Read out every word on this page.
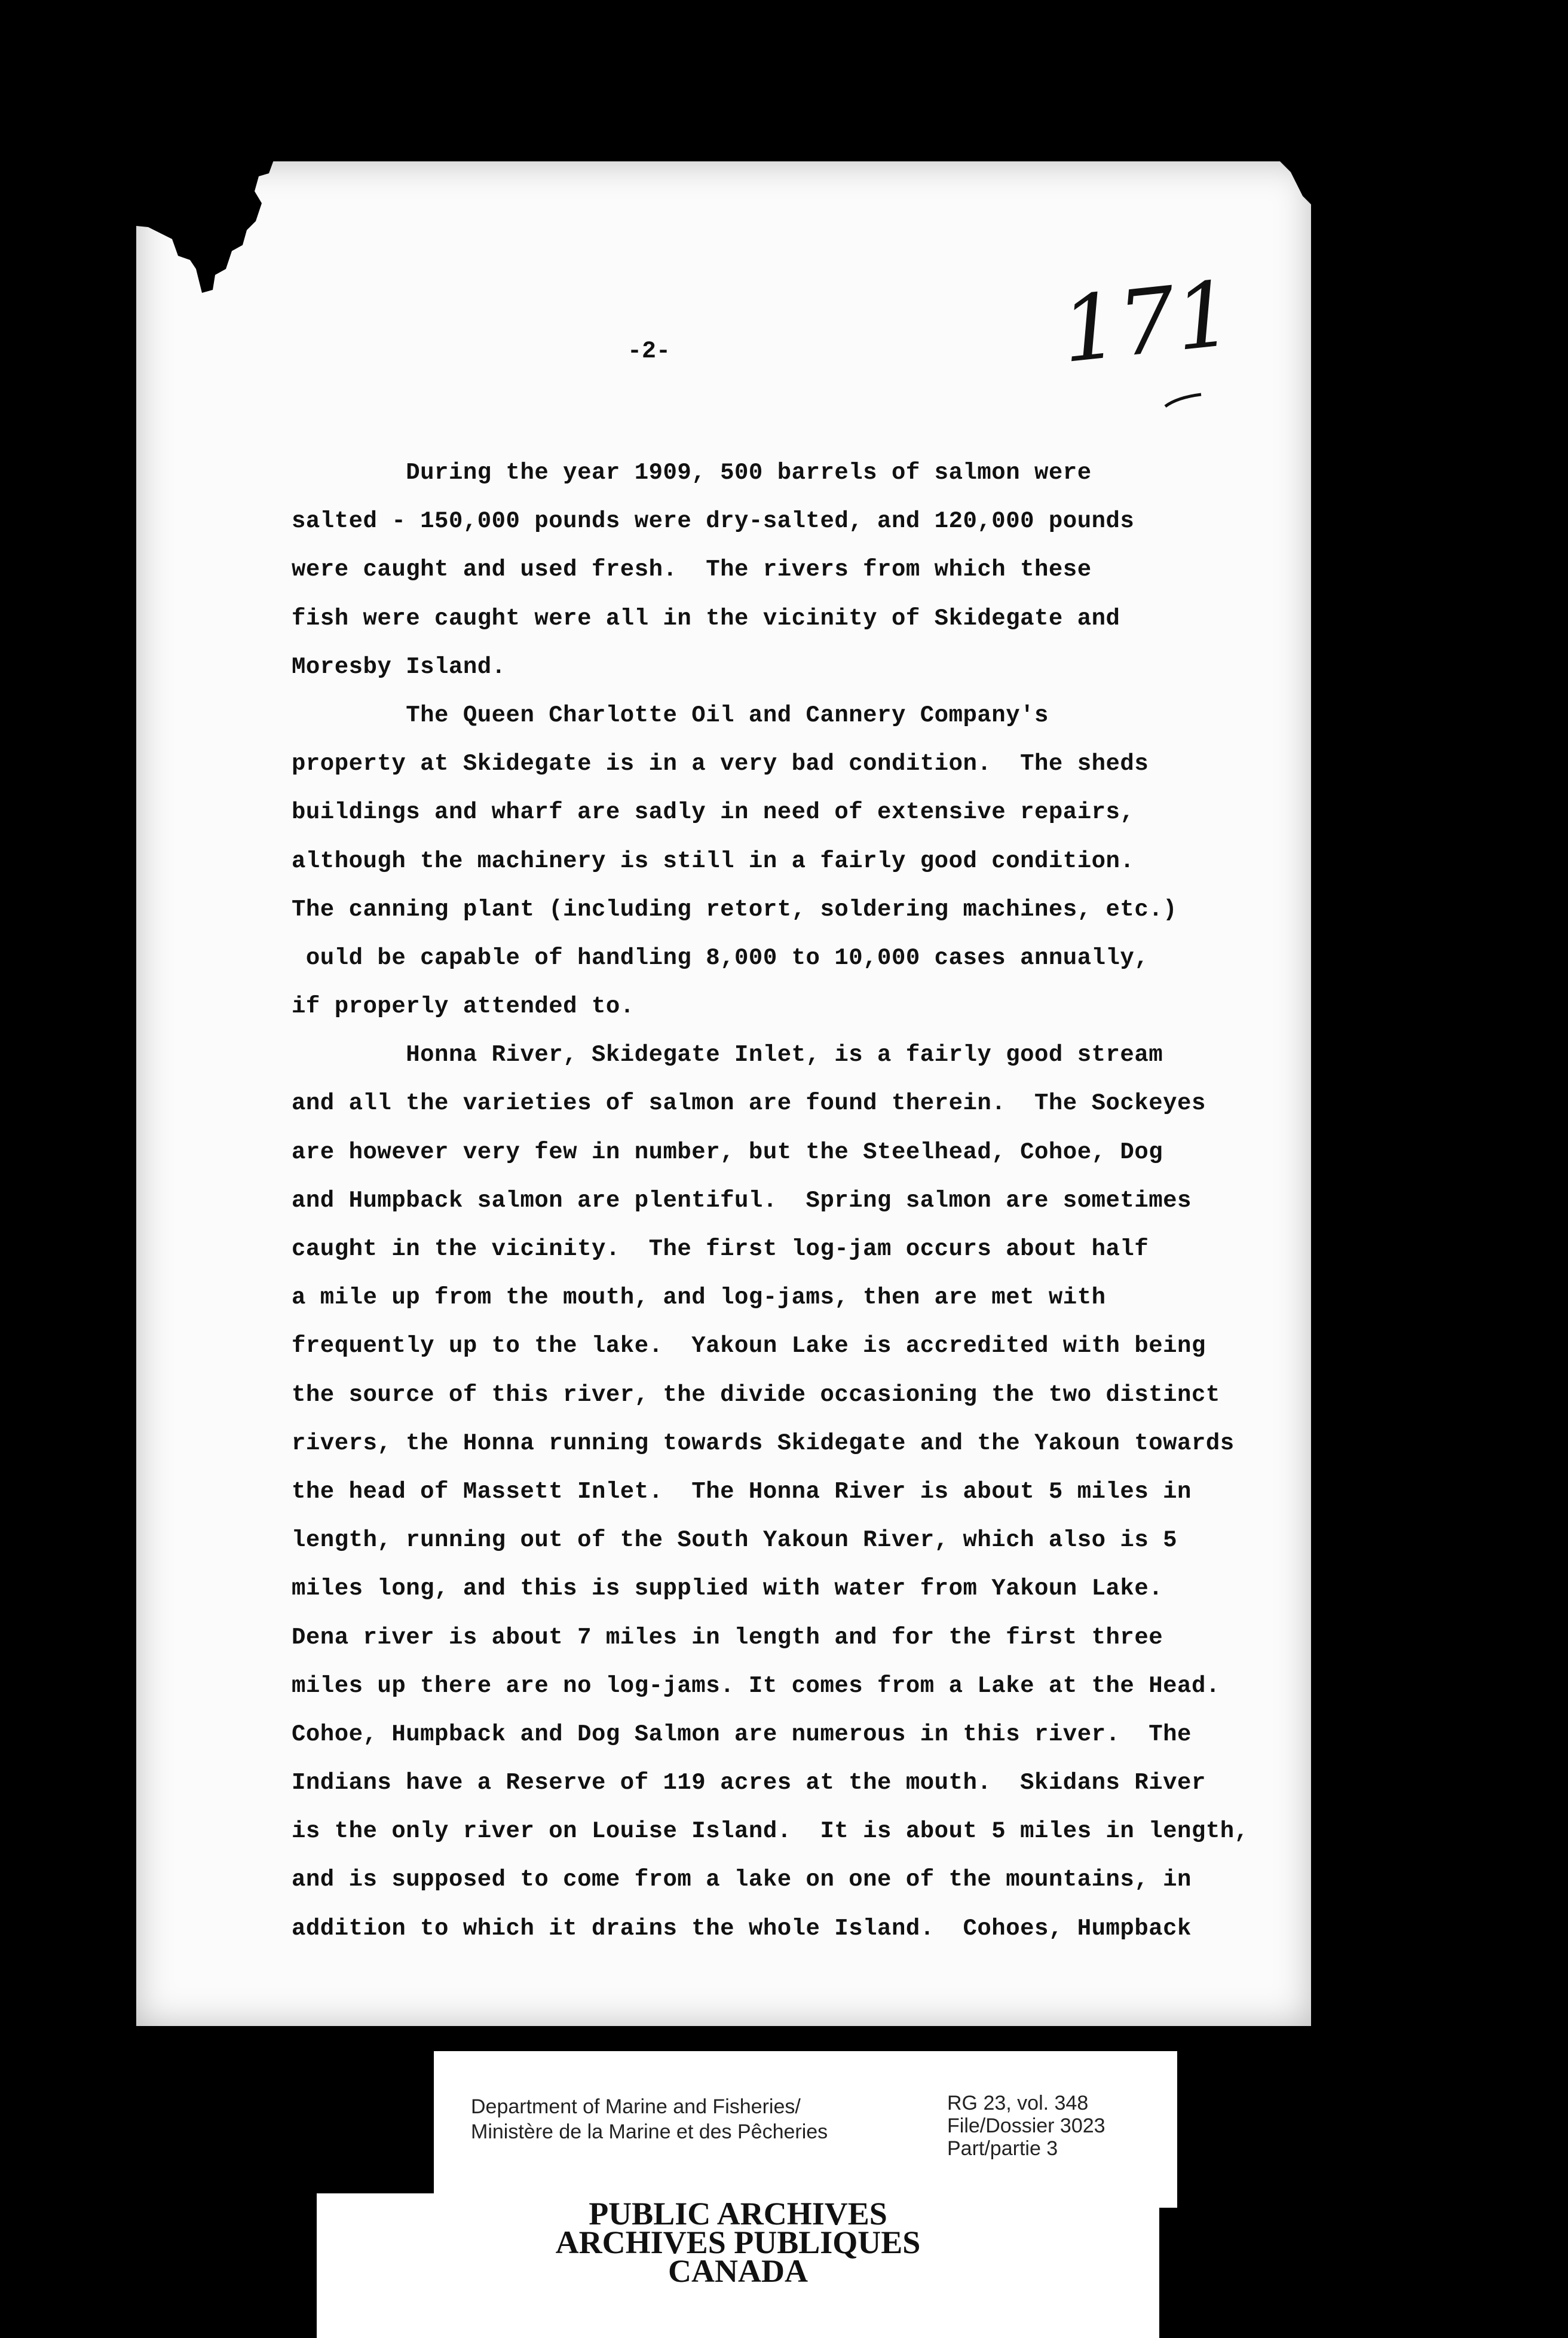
-2-	171
During the year 1909, 500 barrels of salmon were
salted - 150,000 pounds were dry-salted, and 120,000 pounds
were caught and used fresh.  The rivers from which these
fish were caught were all in the vicinity of Skidegate and
Moresby Island.
The Queen Charlotte Oil and Cannery Company's
property at Skidegate is in a very bad condition.  The sheds
buildings and wharf are sadly in need of extensive repairs,
although the machinery is still in a fairly good condition.
The canning plant (including retort, soldering machines, etc.)
ould be capable of handling 8,000 to 10,000 cases annually,
if properly attended to.
Honna River, Skidegate Inlet, is a fairly good stream
and all the varieties of salmon are found therein.  The Sockeyes
are however very few in number, but the Steelhead, Cohoe, Dog
and Humpback salmon are plentiful.  Spring salmon are sometimes
caught in the vicinity.  The first log-jam occurs about half
a mile up from the mouth, and log-jams, then are met with
frequently up to the lake.  Yakoun Lake is accredited with being
the source of this river, the divide occasioning the two distinct
rivers, the Honna running towards Skidegate and the Yakoun towards
the head of Massett Inlet.  The Honna River is about 5 miles in
length, running out of the South Yakoun River, which also is 5
miles long, and this is supplied with water from Yakoun Lake.
Dena river is about 7 miles in length and for the first three
miles up there are no log-jams. It comes from a Lake at the Head.
Cohoe, Humpback and Dog Salmon are numerous in this river.  The
Indians have a Reserve of 119 acres at the mouth.  Skidans River
is the only river on Louise Island.  It is about 5 miles in length,
and is supposed to come from a lake on one of the mountains, in
addition to which it drains the whole Island.  Cohoes, Humpback
Department of Marine and Fisheries/
Ministère de la Marine et des Pêcheries
RG 23, vol. 348
File/Dossier 3023
Part/partie 3
PUBLIC ARCHIVES
ARCHIVES PUBLIQUES
CANADA
